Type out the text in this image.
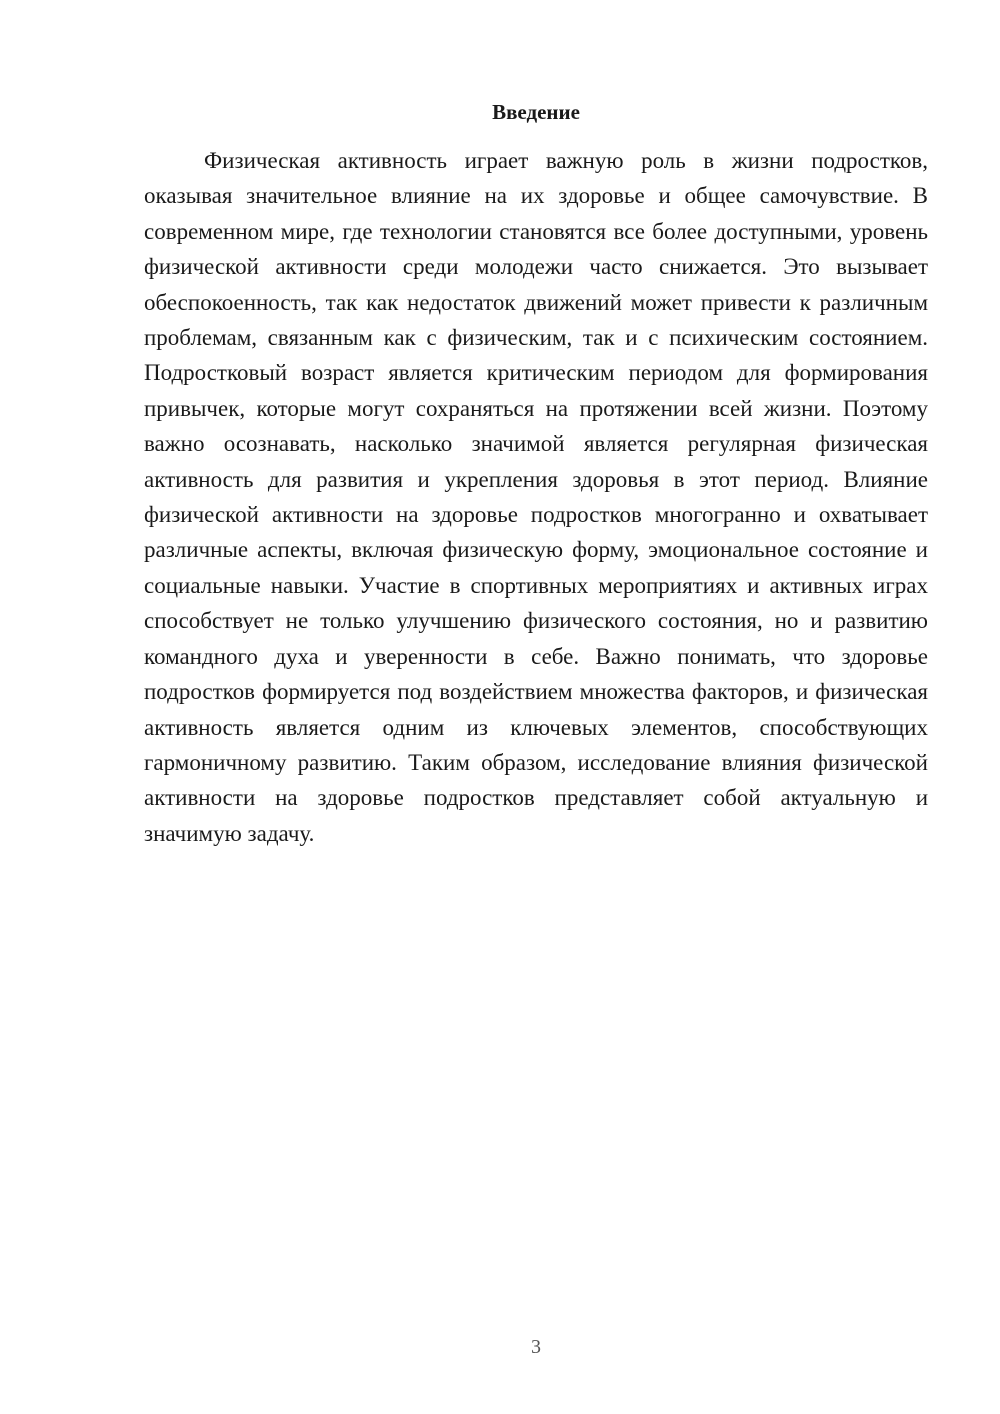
Введение

Физическая активность играет важную роль в жизни подростков, оказывая значительное влияние на их здоровье и общее самочувствие. В современном мире, где технологии становятся все более доступными, уровень физической активности среди молодежи часто снижается. Это вызывает обеспокоенность, так как недостаток движений может привести к различным проблемам, связанным как с физическим, так и с психическим состоянием. Подростковый возраст является критическим периодом для формирования привычек, которые могут сохраняться на протяжении всей жизни. Поэтому важно осознавать, насколько значимой является регулярная физическая активность для развития и укрепления здоровья в этот период. Влияние физической активности на здоровье подростков многогранно и охватывает различные аспекты, включая физическую форму, эмоциональное состояние и социальные навыки. Участие в спортивных мероприятиях и активных играх способствует не только улучшению физического состояния, но и развитию командного духа и уверенности в себе. Важно понимать, что здоровье подростков формируется под воздействием множества факторов, и физическая активность является одним из ключевых элементов, способствующих гармоничному развитию. Таким образом, исследование влияния физической активности на здоровье подростков представляет собой актуальную и значимую задачу.

3
